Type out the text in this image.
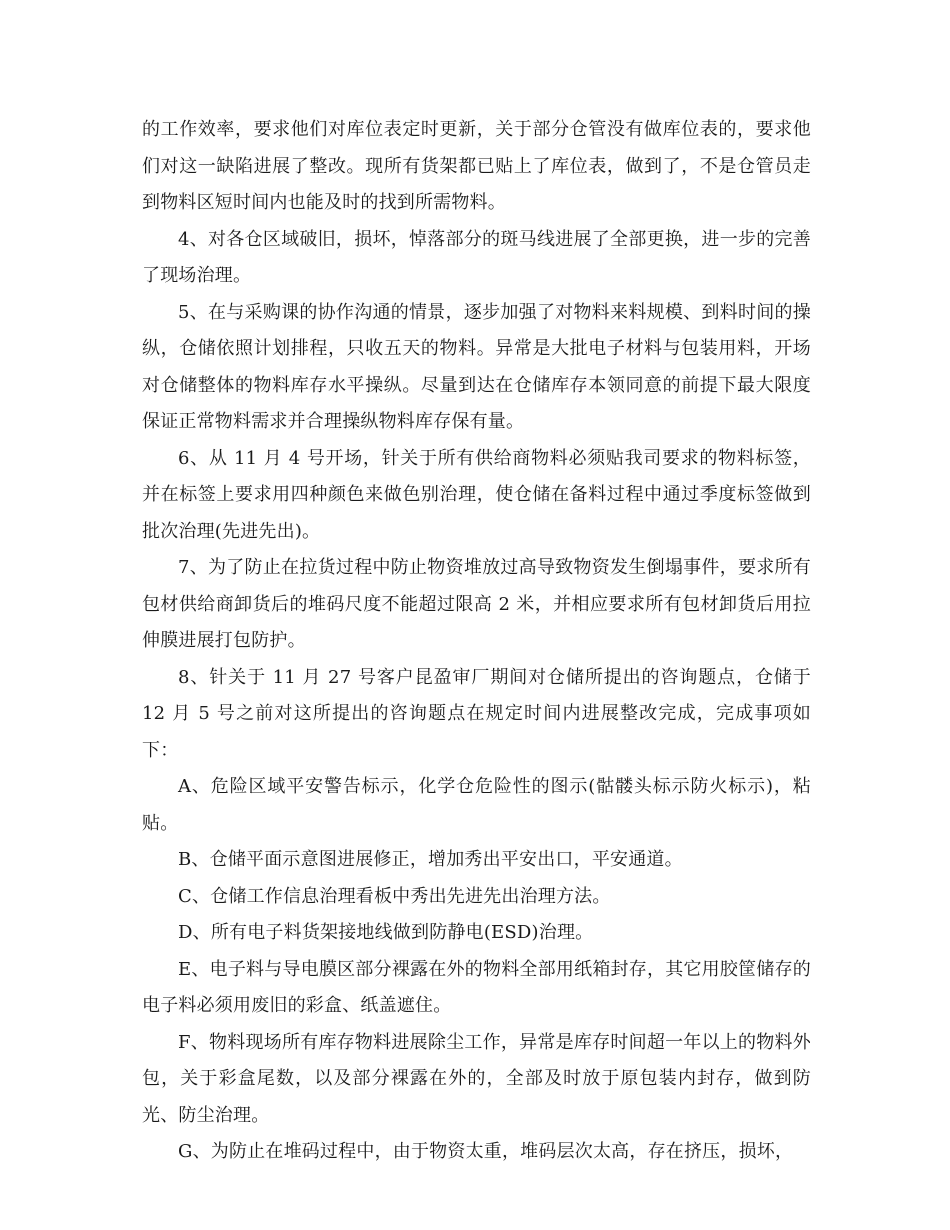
的工作效率，要求他们对库位表定时更新，关于部分仓管没有做库位表的，要求他们对这一缺陷进展了整改。现所有货架都已贴上了库位表，做到了，不是仓管员走到物料区短时间内也能及时的找到所需物料。

4、对各仓区域破旧，损坏，悼落部分的斑马线进展了全部更换，进一步的完善了现场治理。

5、在与采购课的协作沟通的情景，逐步加强了对物料来料规模、到料时间的操纵，仓储依照计划排程，只收五天的物料。异常是大批电子材料与包装用料，开场对仓储整体的物料库存水平操纵。尽量到达在仓储库存本领同意的前提下最大限度保证正常物料需求并合理操纵物料库存保有量。

6、从 11 月 4 号开场，针关于所有供给商物料必须贴我司要求的物料标签，并在标签上要求用四种颜色来做色别治理，使仓储在备料过程中通过季度标签做到批次治理(先进先出)。

7、为了防止在拉货过程中防止物资堆放过高导致物资发生倒塌事件，要求所有包材供给商卸货后的堆码尺度不能超过限高 2 米，并相应要求所有包材卸货后用拉伸膜进展打包防护。

8、针关于 11 月 27 号客户昆盈审厂期间对仓储所提出的咨询题点，仓储于 12 月 5 号之前对这所提出的咨询题点在规定时间内进展整改完成，完成事项如下：

A、危险区域平安警告标示，化学仓危险性的图示(骷髅头标示防火标示)，粘贴。

B、仓储平面示意图进展修正，增加秀出平安出口，平安通道。

C、仓储工作信息治理看板中秀出先进先出治理方法。

D、所有电子料货架接地线做到防静电(ESD)治理。

E、电子料与导电膜区部分裸露在外的物料全部用纸箱封存，其它用胶筐储存的电子料必须用废旧的彩盒、纸盖遮住。

F、物料现场所有库存物料进展除尘工作，异常是库存时间超一年以上的物料外包，关于彩盒尾数，以及部分裸露在外的，全部及时放于原包装内封存，做到防光、防尘治理。

G、为防止在堆码过程中，由于物资太重，堆码层次太高，存在挤压，损坏，
